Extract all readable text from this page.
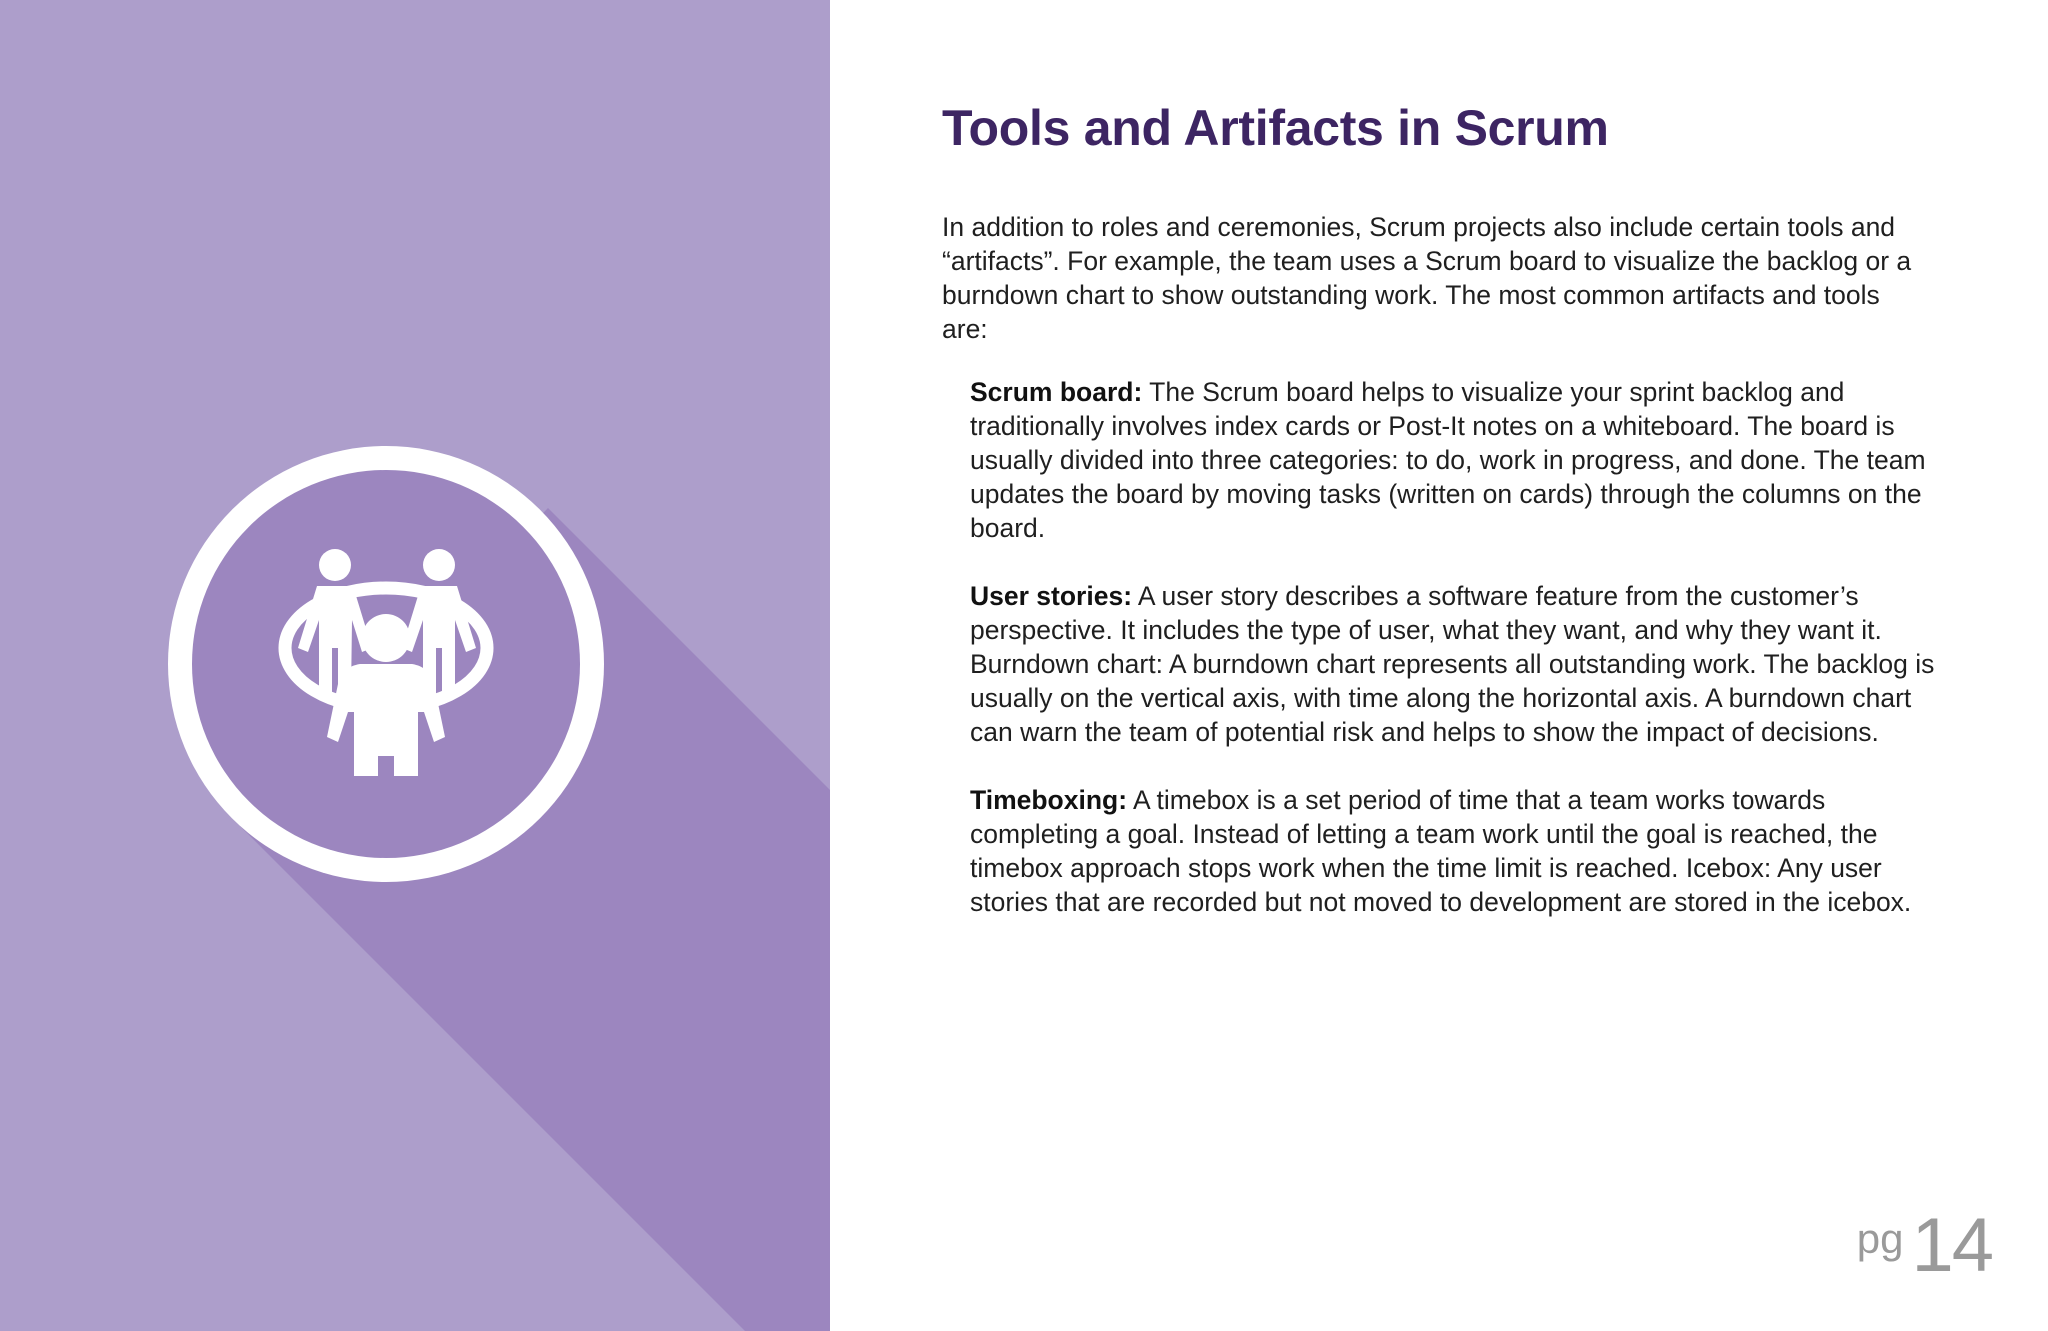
Tools and Artifacts in Scrum

In addition to roles and ceremonies, Scrum projects also include certain tools and “artifacts”. For example, the team uses a Scrum board to visualize the backlog or a burndown chart to show outstanding work. The most common artifacts and tools are:

Scrum board: The Scrum board helps to visualize your sprint backlog and traditionally involves index cards or Post-It notes on a whiteboard. The board is usually divided into three categories: to do, work in progress, and done. The team updates the board by moving tasks (written on cards) through the columns on the board.

User stories: A user story describes a software feature from the customer’s perspective. It includes the type of user, what they want, and why they want it. Burndown chart: A burndown chart represents all outstanding work. The backlog is usually on the vertical axis, with time along the horizontal axis. A burndown chart can warn the team of potential risk and helps to show the impact of decisions.

Timeboxing: A timebox is a set period of time that a team works towards completing a goal. Instead of letting a team work until the goal is reached, the timebox approach stops work when the time limit is reached. Icebox: Any user stories that are recorded but not moved to development are stored in the icebox.

pg 14
